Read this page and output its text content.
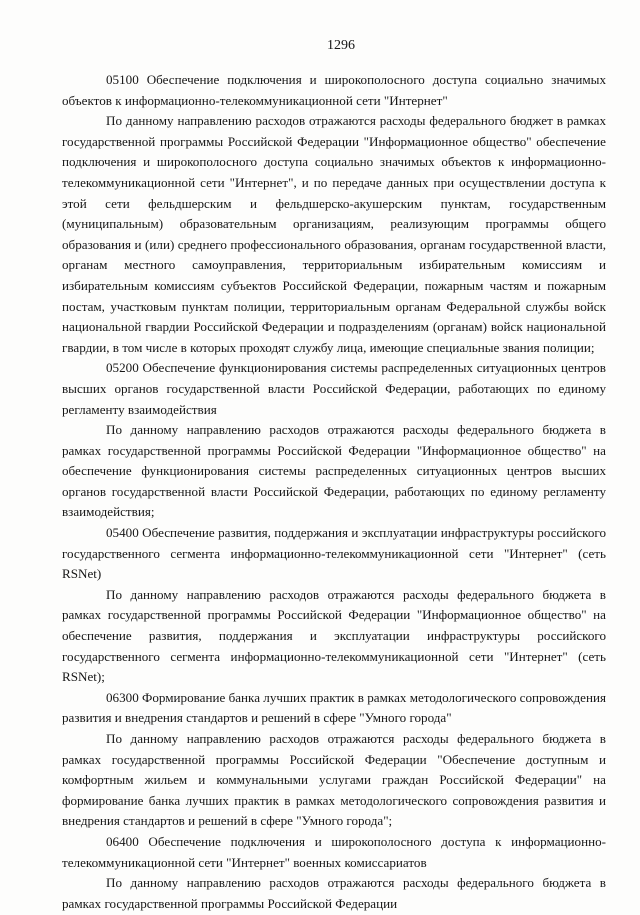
1296

05100 Обеспечение подключения и широкополосного доступа социально значимых объектов к информационно-телекоммуникационной сети "Интернет"

По данному направлению расходов отражаются расходы федерального бюджет в рамках государственной программы Российской Федерации "Информационное общество" обеспечение подключения и широкополосного доступа социально значимых объектов к информационно-телекоммуникационной сети "Интернет", и по передаче данных при осуществлении доступа к этой сети фельдшерским и фельдшерско-акушерским пунктам, государственным (муниципальным) образовательным организациям, реализующим программы общего образования и (или) среднего профессионального образования, органам государственной власти, органам местного самоуправления, территориальным избирательным комиссиям и избирательным комиссиям субъектов Российской Федерации, пожарным частям и пожарным постам, участковым пунктам полиции, территориальным органам Федеральной службы войск национальной гвардии Российской Федерации и подразделениям (органам) войск национальной гвардии, в том числе в которых проходят службу лица, имеющие специальные звания полиции;

05200 Обеспечение функционирования системы распределенных ситуационных центров высших органов государственной власти Российской Федерации, работающих по единому регламенту взаимодействия

По данному направлению расходов отражаются расходы федерального бюджета в рамках государственной программы Российской Федерации "Информационное общество" на обеспечение функционирования системы распределенных ситуационных центров высших органов государственной власти Российской Федерации, работающих по единому регламенту взаимодействия;

05400 Обеспечение развития, поддержания и эксплуатации инфраструктуры российского государственного сегмента информационно-телекоммуникационной сети "Интернет" (сеть RSNet)

По данному направлению расходов отражаются расходы федерального бюджета в рамках государственной программы Российской Федерации "Информационное общество" на обеспечение развития, поддержания и эксплуатации инфраструктуры российского государственного сегмента информационно-телекоммуникационной сети "Интернет" (сеть RSNet);

06300 Формирование банка лучших практик в рамках методологического сопровождения развития и внедрения стандартов и решений в сфере "Умного города"

По данному направлению расходов отражаются расходы федерального бюджета в рамках государственной программы Российской Федерации "Обеспечение доступным и комфортным жильем и коммунальными услугами граждан Российской Федерации" на формирование банка лучших практик в рамках методологического сопровождения развития и внедрения стандартов и решений в сфере "Умного города";

06400 Обеспечение подключения и широкополосного доступа к информационно-телекоммуникационной сети "Интернет" военных комиссариатов

По данному направлению расходов отражаются расходы федерального бюджета в рамках государственной программы Российской Федерации
